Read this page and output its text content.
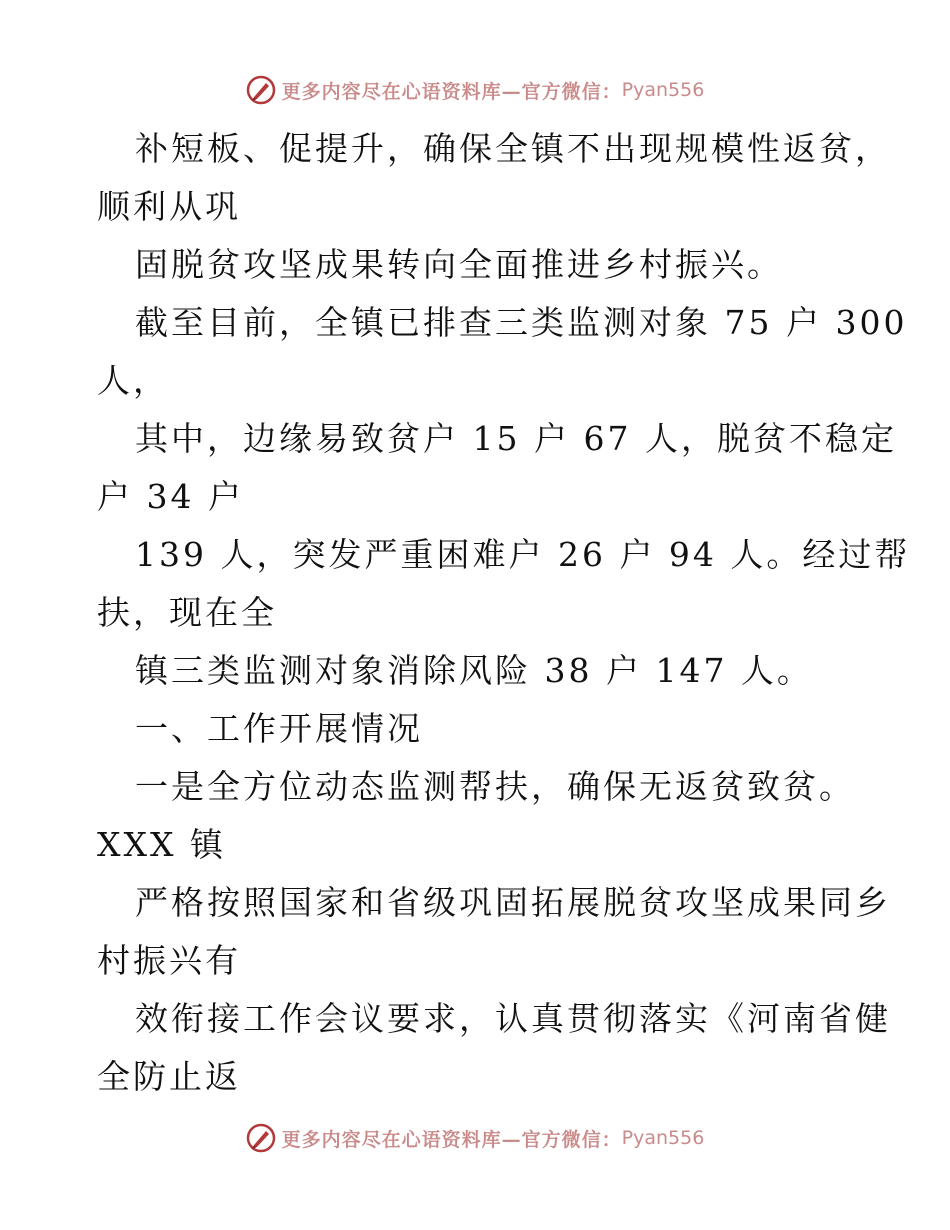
更多内容尽在心语资料库—官方微信： Pyan556
补短板、促提升，确保全镇不出现规模性返贫，
顺利从巩
固脱贫攻坚成果转向全面推进乡村振兴。
截至目前，全镇已排查三类监测对象 75 户 300
人，
其中，边缘易致贫户 15 户 67 人，脱贫不稳定
户 34 户
139 人，突发严重困难户 26 户 94 人。经过帮
扶，现在全
镇三类监测对象消除风险 38 户 147 人。
一、工作开展情况
一是全方位动态监测帮扶，确保无返贫致贫。
XXX 镇
严格按照国家和省级巩固拓展脱贫攻坚成果同乡
村振兴有
效衔接工作会议要求，认真贯彻落实《河南省健
全防止返
更多内容尽在心语资料库—官方微信： Pyan556
